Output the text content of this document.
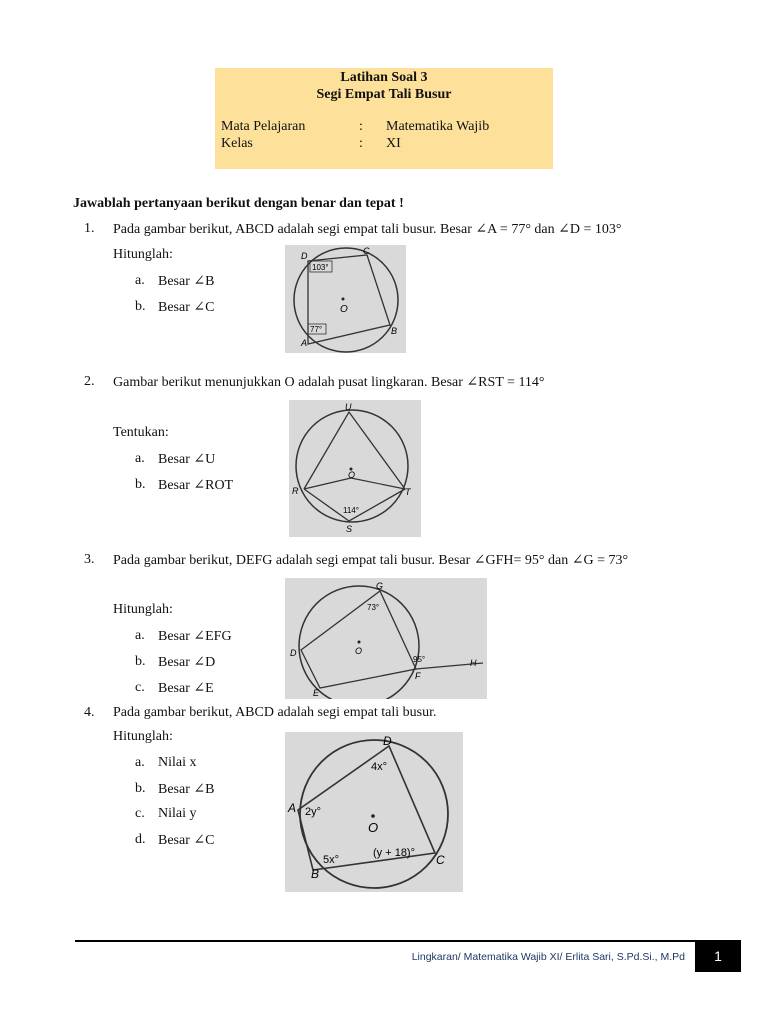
Latihan Soal 3
Segi Empat Tali Busur
Mata Pelajaran	: Matematika Wajib
Kelas	: XI
Jawablah pertanyaan berikut dengan benar dan tepat !
1. Pada gambar berikut, ABCD adalah segi empat tali busur. Besar ∠A = 77° dan ∠D = 103°
Hitunglah:
a. Besar ∠B
b. Besar ∠C
D	C
B
A
O
103°
77°
2. Gambar berikut menunjukkan O adalah pusat lingkaran. Besar ∠RST = 114°
Tentukan:
a. Besar ∠U
b. Besar ∠ROT
U
R	T
S
O
114°
3. Pada gambar berikut, DEFG adalah segi empat tali busur. Besar ∠GFH= 95° dan ∠G = 73°
Hitunglah:
a. Besar ∠EFG
b. Besar ∠D
c. Besar ∠E
G
D
E
F
H
O
73°
95°
4. Pada gambar berikut, ABCD adalah segi empat tali busur.
Hitunglah:
a. Nilai x
b. Besar ∠B
c. Nilai y
d. Besar ∠C
D
A
B
C
O
4x°
2y°
5x°
(y + 18)°
Lingkaran/ Matematika Wajib XI/ Erlita Sari, S.Pd.Si., M.Pd	1
